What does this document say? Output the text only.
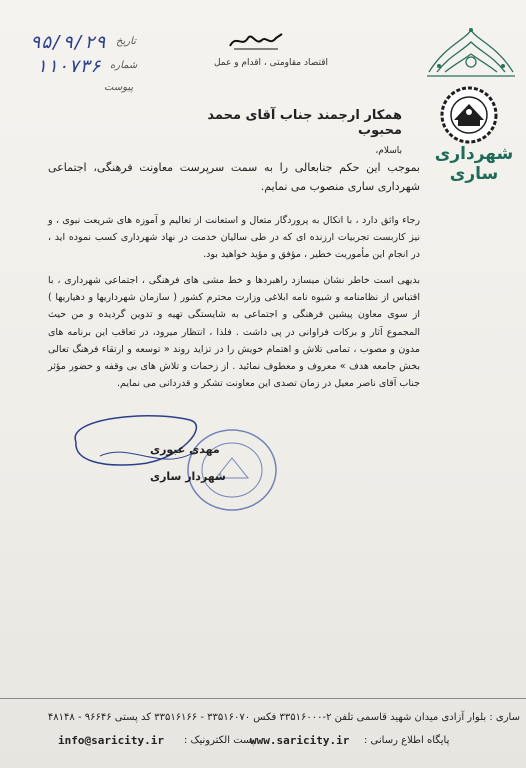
شهرداری ساری
اقتصاد مقاومتی ، اقدام و عمل
۹۵/۹/۲۹ تاریخ
۱۱۰۷۳۶ شماره
پیوست
همکار ارجمند جناب آقای محمد محبوب
باسلام،
بموجب این حکم جنابعالی را به سمت سرپرست معاونت فرهنگی، اجتماعی شهرداری ساری منصوب می نمایم.
رجاء واثق دارد ، با اتکال به پروردگار متعال و استعانت از تعالیم و آموزه های شریعت نبوی ، و نیز کاربست تجربیات ارزنده ای که در طی سالیان خدمت در نهاد شهرداری کسب نموده اید ، در انجام این مأموریت خطیر ، مؤفق و مؤید خواهید بود.
بدیهی است خاطر نشان میسازد راهبردها و خط مشی های فرهنگی ، اجتماعی شهرداری ، با اقتباس از نظامنامه و شیوه نامه ابلاغی وزارت محترم کشور ( سازمان شهرداریها و دهیاریها ) از سوی معاون پیشین فرهنگی و اجتماعی به شایستگی تهیه و تدوین گردیده و من حیث المجموع آثار و برکات فراوانی در پی داشت . فلذا ، انتظار میرود، در تعاقب این برنامه های مدون و مصوب ، تمامی تلاش و اهتمام خویش را در تزاید روند « توسعه و ارتقاء فرهنگ تعالی بخش جامعه هدف » معروف و معطوف نمائید . از زحمات و تلاش های بی وقفه و حضور مؤثر جناب آقای ناصر معیل در زمان تصدی این معاونت تشکر و قدردانی می نمایم.
مهدی عبوری
شهردار ساری
ساری : بلوار آزادی میدان شهید قاسمی تلفن ۲-۳۳۵۱۶۰۰۰ فکس ۳۳۵۱۶۰۷۰ - ۳۳۵۱۶۱۶۶ کد پستی ۹۶۶۴۶ - ۴۸۱۴۸
info@saricity.ir پست الکترونیک :
www.saricity.ir پایگاه اطلاع رسانی :
